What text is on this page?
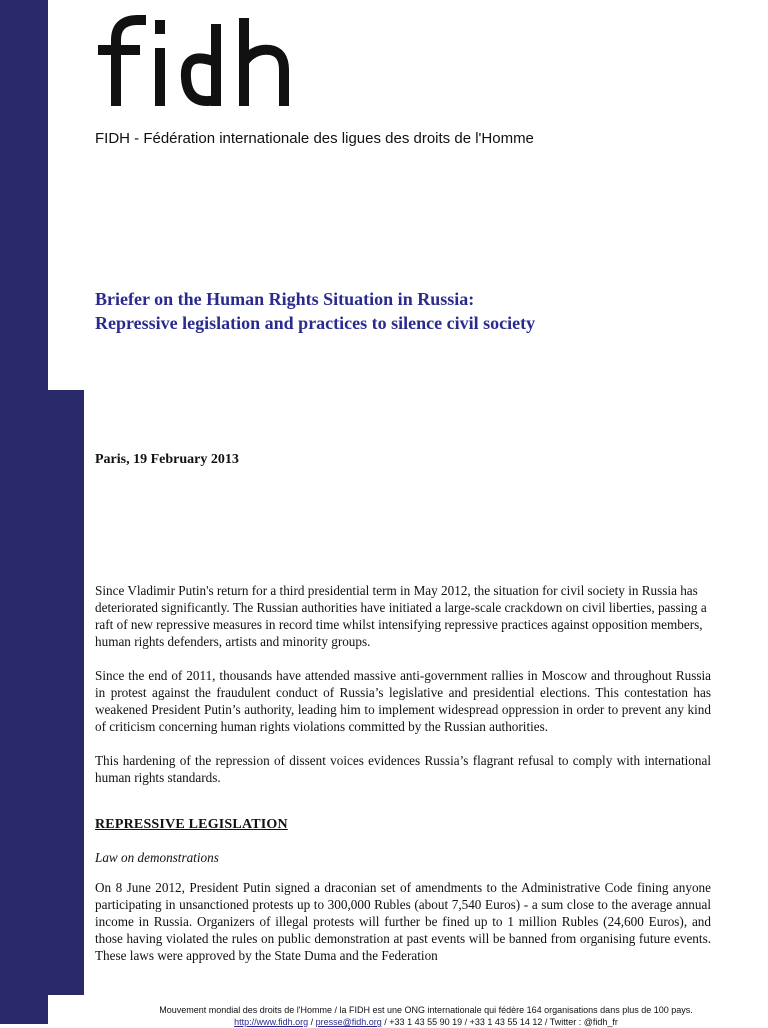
FIDH - Fédération internationale des ligues des droits de l'Homme
Briefer on the Human Rights Situation in Russia:
Repressive legislation and practices to silence civil society
Paris, 19 February 2013

Since Vladimir Putin's return for a third presidential term in May 2012, the situation for civil society in Russia has deteriorated significantly. The Russian authorities have initiated a large-scale crackdown on civil liberties, passing a raft of new repressive measures in record time whilst intensifying repressive practices against opposition members, human rights defenders, artists and minority groups.

Since the end of 2011, thousands have attended massive anti-government rallies in Moscow and throughout Russia in protest against the fraudulent conduct of Russia’s legislative and presidential elections. This contestation has weakened President Putin’s authority, leading him to implement widespread oppression in order to prevent any kind of criticism concerning human rights violations committed by the Russian authorities.

This hardening of the repression of dissent voices evidences Russia’s flagrant refusal to comply with international human rights standards.

REPRESSIVE LEGISLATION
Law on demonstrations

On 8 June 2012, President Putin signed a draconian set of amendments to the Administrative Code fining anyone participating in unsanctioned protests up to 300,000 Rubles (about 7,540 Euros) - a sum close to the average annual income in Russia. Organizers of illegal protests will further be fined up to 1 million Rubles (24,600 Euros), and those having violated the rules on public demonstration at past events will be banned from organising future events. These laws were approved by the State Duma and the Federation

Mouvement mondial des droits de l'Homme / la FIDH est une ONG internationale qui fédère 164 organisations dans plus de 100 pays.
http://www.fidh.org / presse@fidh.org / +33 1 43 55 90 19 / +33 1 43 55 14 12 / Twitter : @fidh_fr
